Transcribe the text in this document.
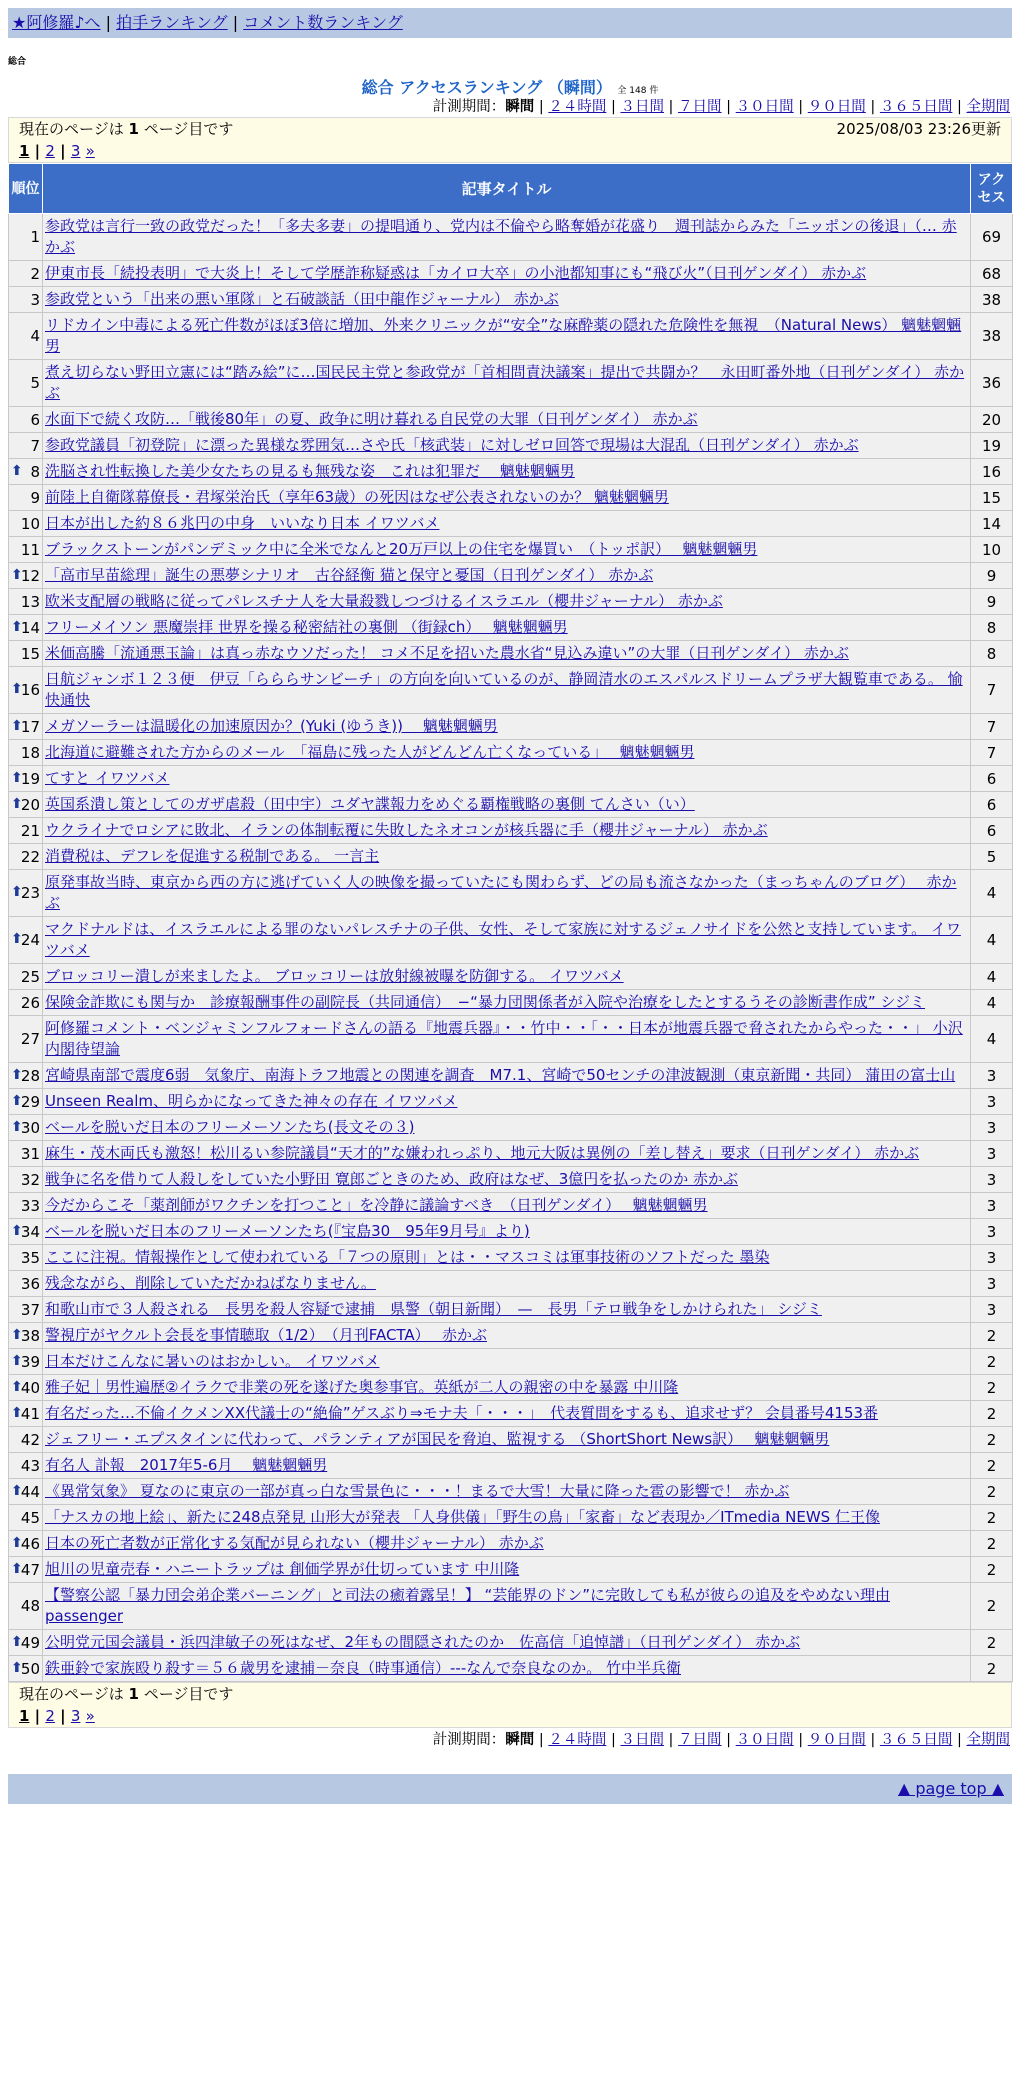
★阿修羅♪へ | 拍手ランキング | コメント数ランキング
総合
総合 アクセスランキング （瞬間） 全 148 件
計測期間：瞬間 | ２４時間 | ３日間 | ７日間 | ３０日間 | ９０日間 | ３６５日間 | 全期間
現在のページは 1 ページ目です	2025/08/03 23:26更新
1 | 2 | 3 »
順位	記事タイトル	アクセス
1	参政党は言行一致の政党だった！「多夫多妻」の提唱通り、党内は不倫やら略奪婚が花盛り　週刊誌からみた「ニッポンの後退」（… 赤かぶ	69
2	伊東市長「続投表明」で大炎上！そして学歴詐称疑惑は「カイロ大卒」の小池都知事にも“飛び火”（日刊ゲンダイ） 赤かぶ	68
3	参政党という「出来の悪い軍隊」と石破談話（田中龍作ジャーナル） 赤かぶ	38
4	リドカイン中毒による死亡件数がほぼ3倍に増加、外来クリニックが“安全”な麻酔薬の隠れた危険性を無視　（Natural News） 魑魅魍魎男	38
5	煮え切らない野田立憲には“踏み絵”に…国民民主党と参政党が「首相問責決議案」提出で共闘か？　永田町番外地（日刊ゲンダイ） 赤かぶ	36
6	水面下で続く攻防…「戦後80年」の夏、政争に明け暮れる自民党の大罪（日刊ゲンダイ） 赤かぶ	20
7	参政党議員「初登院」に漂った異様な雰囲気…さや氏「核武装」に対しゼロ回答で現場は大混乱（日刊ゲンダイ） 赤かぶ	19

⬆ 8	洗脳され性転換した美少女たちの見るも無残な姿　これは犯罪だ　 魑魅魍魎男	16
9	前陸上自衛隊幕僚長・君塚栄治氏（享年63歳）の死因はなぜ公表されないのか？ 魑魅魍魎男	15
10	日本が出した約８６兆円の中身　いいなり日本 イワツバメ	14
11	ブラックストーンがパンデミック中に全米でなんと20万戸以上の住宅を爆買い　（トッポ訳）　 魑魅魍魎男	10

⬆
12	「高市早苗総理」誕生の悪夢シナリオ　古谷経衡 猫と保守と憂国（日刊ゲンダイ） 赤かぶ	9
13	欧米支配層の戦略に従ってパレスチナ人を大量殺戮しつづけるイスラエル（櫻井ジャーナル） 赤かぶ	9

⬆
14	フリーメイソン 悪魔崇拝 世界を操る秘密結社の裏側 （街録ch）　 魑魅魍魎男	8
15	米価高騰「流通悪玉論」は真っ赤なウソだった！ コメ不足を招いた農水省“見込み違い”の大罪（日刊ゲンダイ） 赤かぶ	8

⬆
16	日航ジャンボ１２３便　伊豆「らららサンビーチ」の方向を向いているのが、静岡清水のエスパルスドリームプラザ大観覧車である。 愉快通快	7

⬆
17	メガソーラーは温暖化の加速原因か？(Yuki (ゆうき))　 魑魅魍魎男	7
18	北海道に避難された方からのメール　「福島に残った人がどんどん亡くなっている」　 魑魅魍魎男	7

⬆
19	てすと イワツバメ	6

⬆
20	英国系潰し策としてのガザ虐殺（田中宇）ユダヤ諜報力をめぐる覇権戦略の裏側 てんさい（い）	6
21	ウクライナでロシアに敗北、イランの体制転覆に失敗したネオコンが核兵器に手（櫻井ジャーナル） 赤かぶ	6
22	消費税は、デフレを促進する税制である。 一言主	5

⬆
23	原発事故当時、東京から西の方に逃げていく人の映像を撮っていたにも関わらず、どの局も流さなかった（まっちゃんのブログ）　 赤かぶ	4

⬆
24	マクドナルドは、イスラエルによる罪のないパレスチナの子供、女性、そして家族に対するジェノサイドを公然と支持しています。 イワツバメ	4
25	ブロッコリー潰しが来ましたよ。 ブロッコリーは放射線被曝を防御する。 イワツバメ	4
26	保険金詐欺にも関与か　診療報酬事件の副院長（共同通信）　−“暴力団関係者が入院や治療をしたとするうその診断書作成” シジミ	4
27	阿修羅コメント・ベンジャミンフルフォードさんの語る『地震兵器』・・竹中・・「・・日本が地震兵器で脅されたからやった・・」 小沢内閣待望論	4

⬆
28	宮崎県南部で震度6弱　気象庁、南海トラフ地震との関連を調査　M7.1、宮崎で50センチの津波観測（東京新聞・共同） 蒲田の富士山	3

⬆
29	Unseen Realm、明らかになってきた神々の存在 イワツバメ	3

⬆
30	ベールを脱いだ日本のフリーメーソンたち(長文その３)	3
31	麻生・茂木両氏も激怒！松川るい参院議員“天才的”な嫌われっぷり、地元大阪は異例の「差し替え」要求（日刊ゲンダイ） 赤かぶ	3
32	戦争に名を借りて人殺しをしていた小野田 寛郎ごときのため、政府はなぜ、3億円を払ったのか 赤かぶ	3
33	今だからこそ「薬剤師がワクチンを打つこと」を冷静に議論すべき　（日刊ゲンダイ）　 魑魅魍魎男	3

⬆
34	ベールを脱いだ日本のフリーメーソンたち(『宝島30　95年9月号』より)	3
35	ここに注視。情報操作として使われている「７つの原則」とは・・マスコミは軍事技術のソフトだった 墨染	3
36	残念ながら、削除していただかねばなりません。	3
37	和歌山市で３人殺される　長男を殺人容疑で逮捕　県警（朝日新聞）　—　長男「テロ戦争をしかけられた」 シジミ	3

⬆
38	警視庁がヤクルト会長を事情聴取（1/2）　（月刊FACTA）　 赤かぶ	2

⬆
39	日本だけこんなに暑いのはおかしい。 イワツバメ	2

⬆
40	雅子妃｜男性遍歴②イラクで非業の死を遂げた奥参事官。英紙が二人の親密の中を暴露 中川隆	2

⬆
41	有名だった…不倫イクメンXX代議士の“絶倫”ゲスぶり⇒モナ夫「・・・」　代表質問をするも、追求せず？ 会員番号4153番	2
42	ジェフリー・エプスタインに代わって、パランティアが国民を脅迫、監視する （ShortShort News訳）　 魑魅魍魎男	2
43	有名人 訃報　2017年5-6月　 魑魅魍魎男	2

⬆
44	《異常気象》 夏なのに東京の一部が真っ白な雪景色に・・・！まるで大雪！大量に降った雹の影響で！ 赤かぶ	2
45	「ナスカの地上絵」、新たに248点発見 山形大が発表 「人身供儀」「野生の鳥」「家畜」など表現か／ITmedia NEWS 仁王像	2

⬆
46	日本の死亡者数が正常化する気配が見られない（櫻井ジャーナル） 赤かぶ	2

⬆
47	旭川の児童売春・ハニートラップは 創価学界が仕切っています 中川隆	2
48	【警察公認「暴力団会弟企業バーニング」と司法の癒着露呈！】 “芸能界のドン”に完敗しても私が彼らの追及をやめない理由 passenger	2

⬆
49	公明党元国会議員・浜四津敏子の死はなぜ、2年もの間隠されたのか　佐高信「追悼譜」（日刊ゲンダイ） 赤かぶ	2

⬆
50	鉄亜鈴で家族殴り殺す＝５６歳男を逮捕－奈良（時事通信）---なんで奈良なのか。 竹中半兵衛	2
現在のページは 1 ページ目です
1 | 2 | 3 »
計測期間：瞬間 | ２４時間 | ３日間 | ７日間 | ３０日間 | ９０日間 | ３６５日間 | 全期間
▲ page top ▲
